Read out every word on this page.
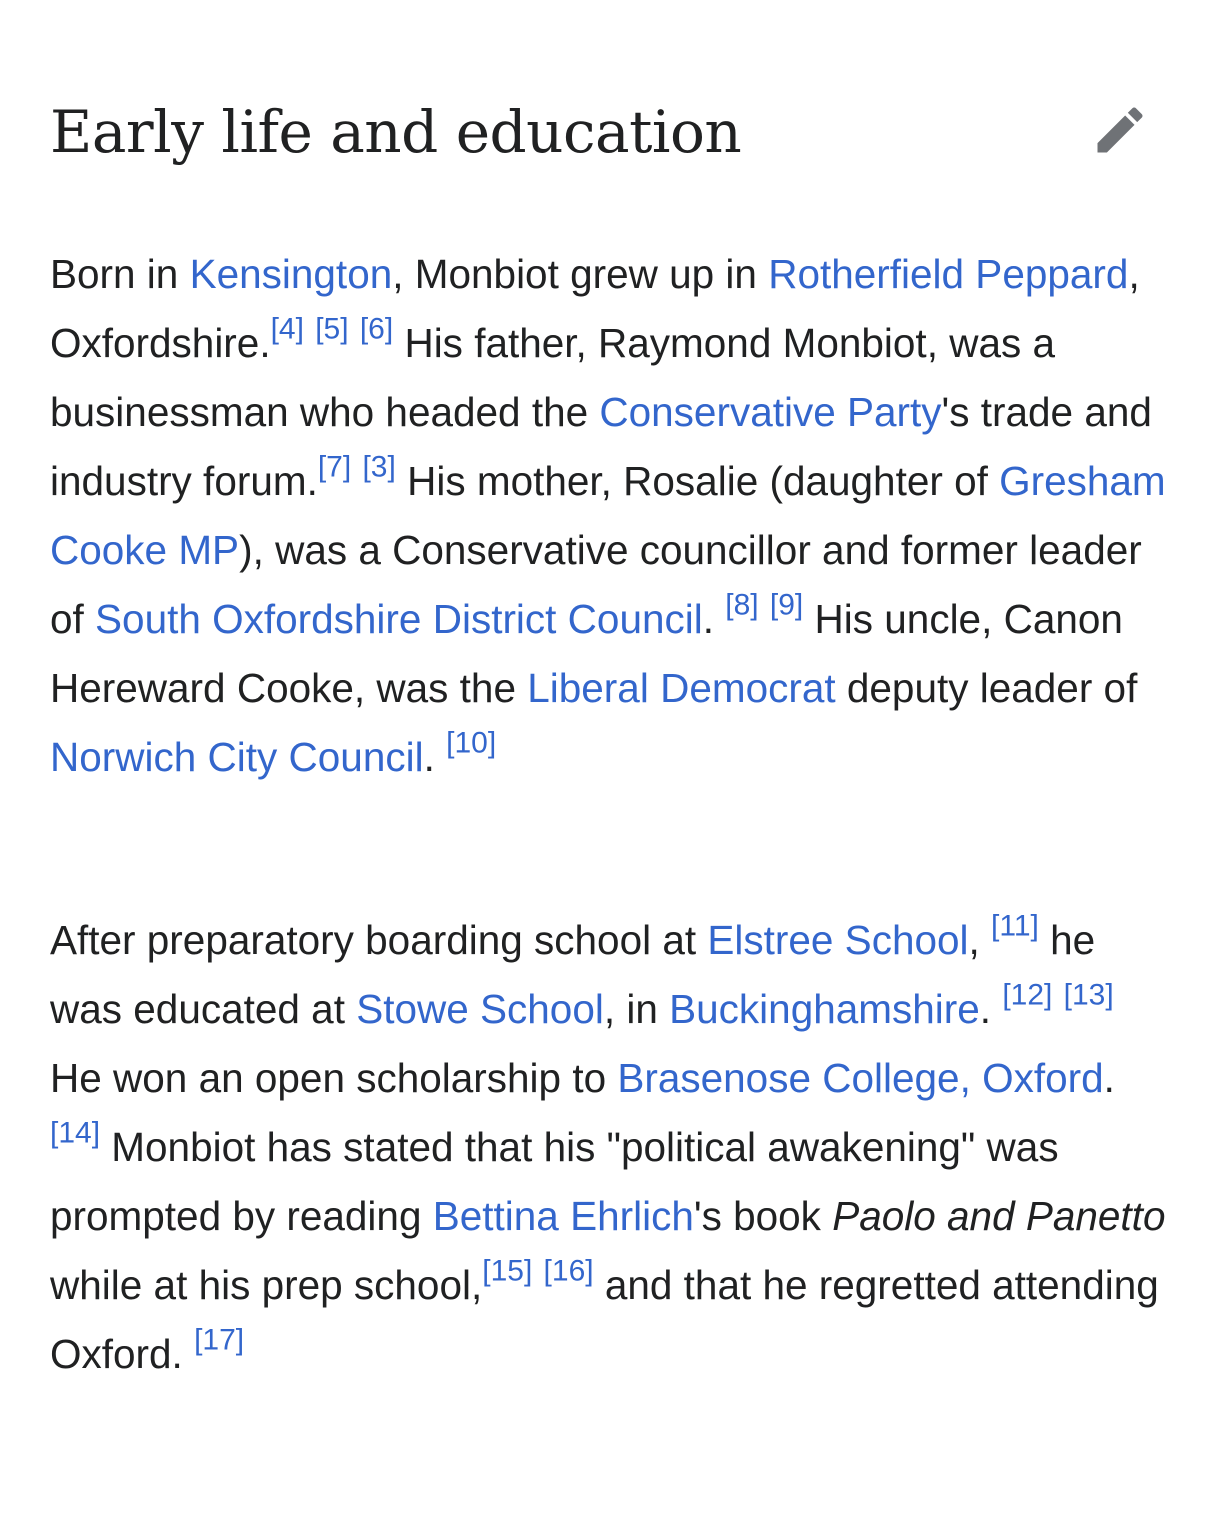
Early life and education

Born in Kensington, Monbiot grew up in Rotherfield Peppard, Oxfordshire.[4] [5] [6] His father, Raymond Monbiot, was a businessman who headed the Conservative Party's trade and industry forum.[7] [3] His mother, Rosalie (daughter of Gresham Cooke MP), was a Conservative councillor and former leader of South Oxfordshire District Council. [8] [9] His uncle, Canon Hereward Cooke, was the Liberal Democrat deputy leader of Norwich City Council. [10]

After preparatory boarding school at Elstree School, [11] he was educated at Stowe School, in Buckinghamshire. [12] [13] He won an open scholarship to Brasenose College, Oxford. [14] Monbiot has stated that his "political awakening" was prompted by reading Bettina Ehrlich's book Paolo and Panetto while at his prep school,[15] [16] and that he regretted attending Oxford. [17]
